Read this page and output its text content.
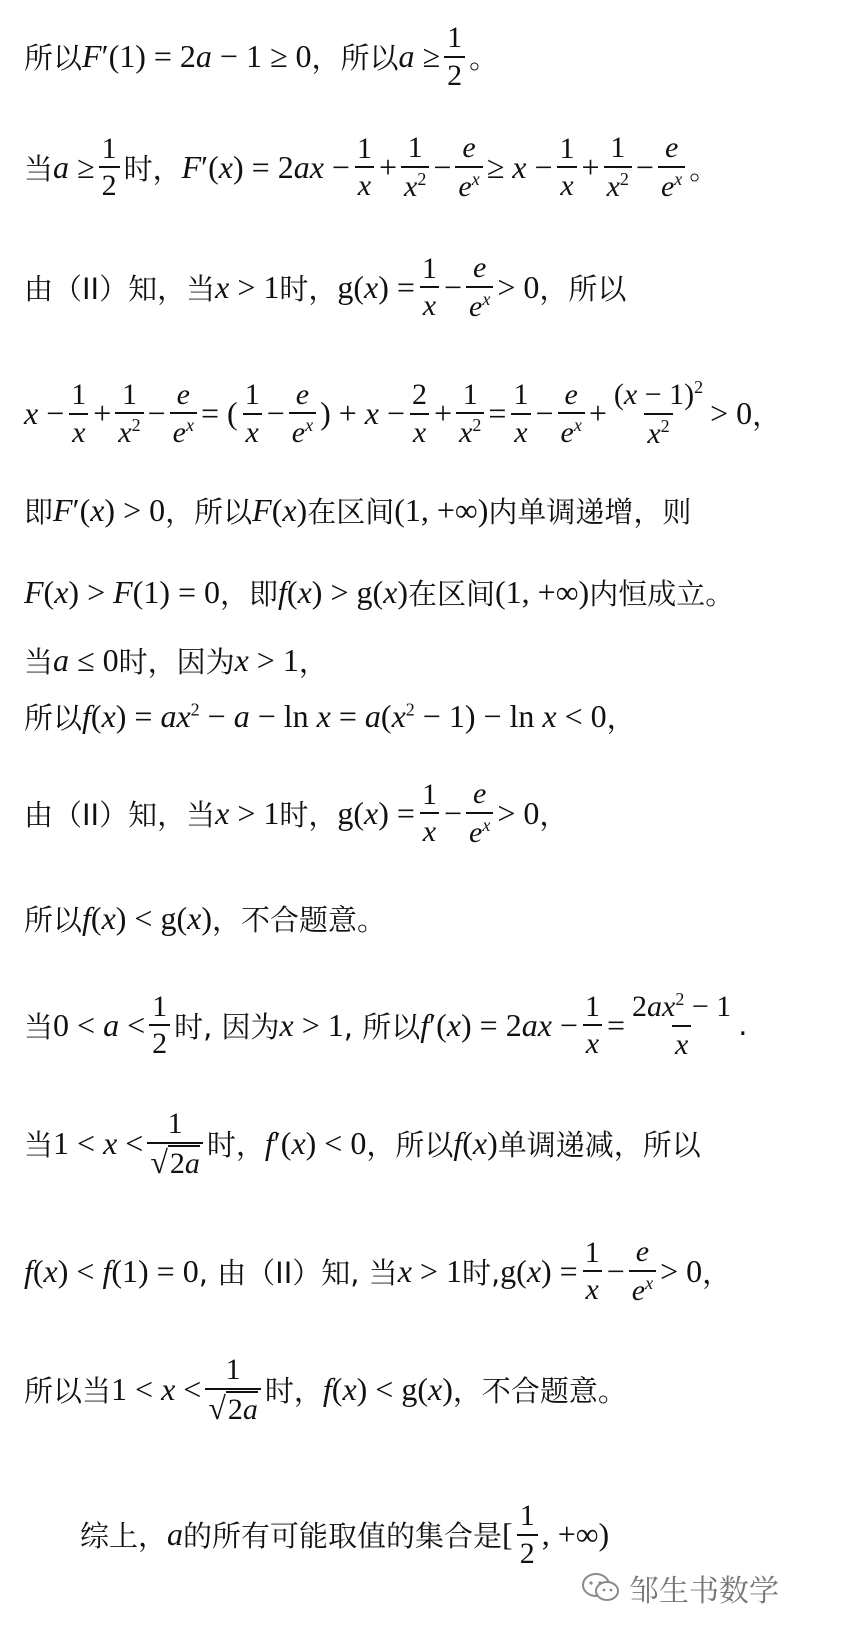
所以 F′(1) = 2a − 1 ≥ 0 ，所以 $a \ge \frac{1}{2}$ 。
当 $a \ge \frac{1}{2}$ 时， $F'(x) = 2ax - \frac{1}{x} + \frac{1}{x^2} - \frac{e}{e^x} \ge x - \frac{1}{x} + \frac{1}{x^2} - \frac{e}{e^x}$ 。
由（II）知，当 x > 1 时， $g(x) = \frac{1}{x} - \frac{e}{e^x} > 0$ ，所以
$x - \frac{1}{x} + \frac{1}{x^2} - \frac{e}{e^x}$ = ( $\frac{1}{x} - \frac{e}{e^x}$ ) + $x - \frac{2}{x} + \frac{1}{x^2} = \frac{1}{x} - \frac{e}{e^x} + \frac{(x - 1)^2}{x^2} > 0$ ，
即 F′(x) > 0 ，所以 F(x) 在区间 (1, +∞) 内单调递增，则
F(x) > F(1) = 0 ，即 f(x) > g(x) 在区间 (1, +∞) 内恒成立。
当 a ≤ 0 时，因为 x > 1 ，
所以 $f(x) = ax^2 - a - \ln x = a(x^2 - 1) - \ln x < 0$ ，
由（II）知，当 x > 1 时， $g(x) = \frac{1}{x} - \frac{e}{e^x} > 0$ ，
所以 f(x) < g(x) ，不合题意。
当 $0 < a < \frac{1}{2}$ 时, 因为 x > 1 , 所以 $f'(x) = 2ax - \frac{1}{x} = \frac{2ax^2 - 1}{x}$ .
当 $1 < x < \frac{1}{√2a}$ 时， f′(x) < 0 ，所以 f(x) 单调递减，所以
f(x) < f(1) = 0 , 由（II）知, 当 x > 1 时, $g(x) = \frac{1}{x} - \frac{e}{e^x} > 0$ ，
所以当 $1 < x < \frac{1}{√2a}$ 时， f(x) < g(x) ，不合题意。
综上， a 的所有可能取值的集合是 [ $\frac{1}{2}$ , +∞)
邹生书数学
